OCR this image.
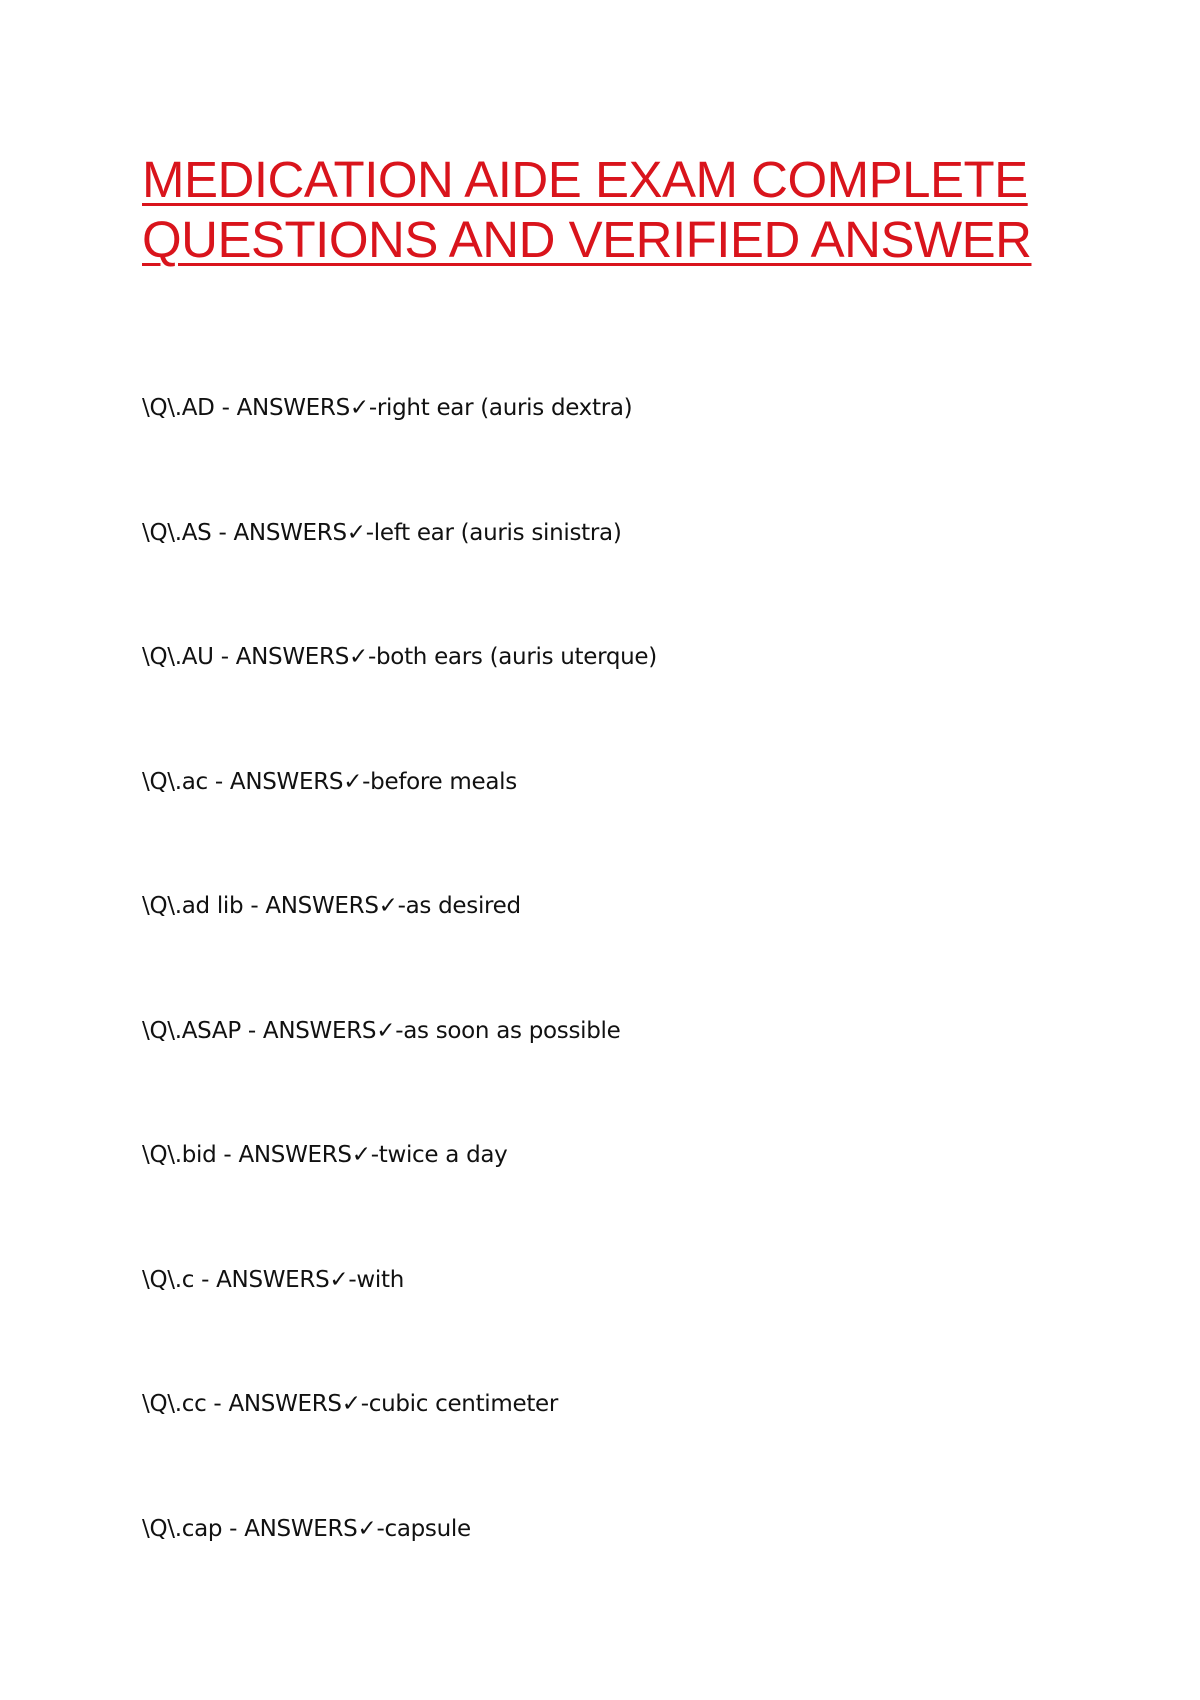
MEDICATION AIDE EXAM COMPLETE
QUESTIONS AND VERIFIED ANSWER
\Q\.AD - ANSWERS✓-right ear (auris dextra)
\Q\.AS - ANSWERS✓-left ear (auris sinistra)
\Q\.AU - ANSWERS✓-both ears (auris uterque)
\Q\.ac - ANSWERS✓-before meals
\Q\.ad lib - ANSWERS✓-as desired
\Q\.ASAP - ANSWERS✓-as soon as possible
\Q\.bid - ANSWERS✓-twice a day
\Q\.c - ANSWERS✓-with
\Q\.cc - ANSWERS✓-cubic centimeter
\Q\.cap - ANSWERS✓-capsule
